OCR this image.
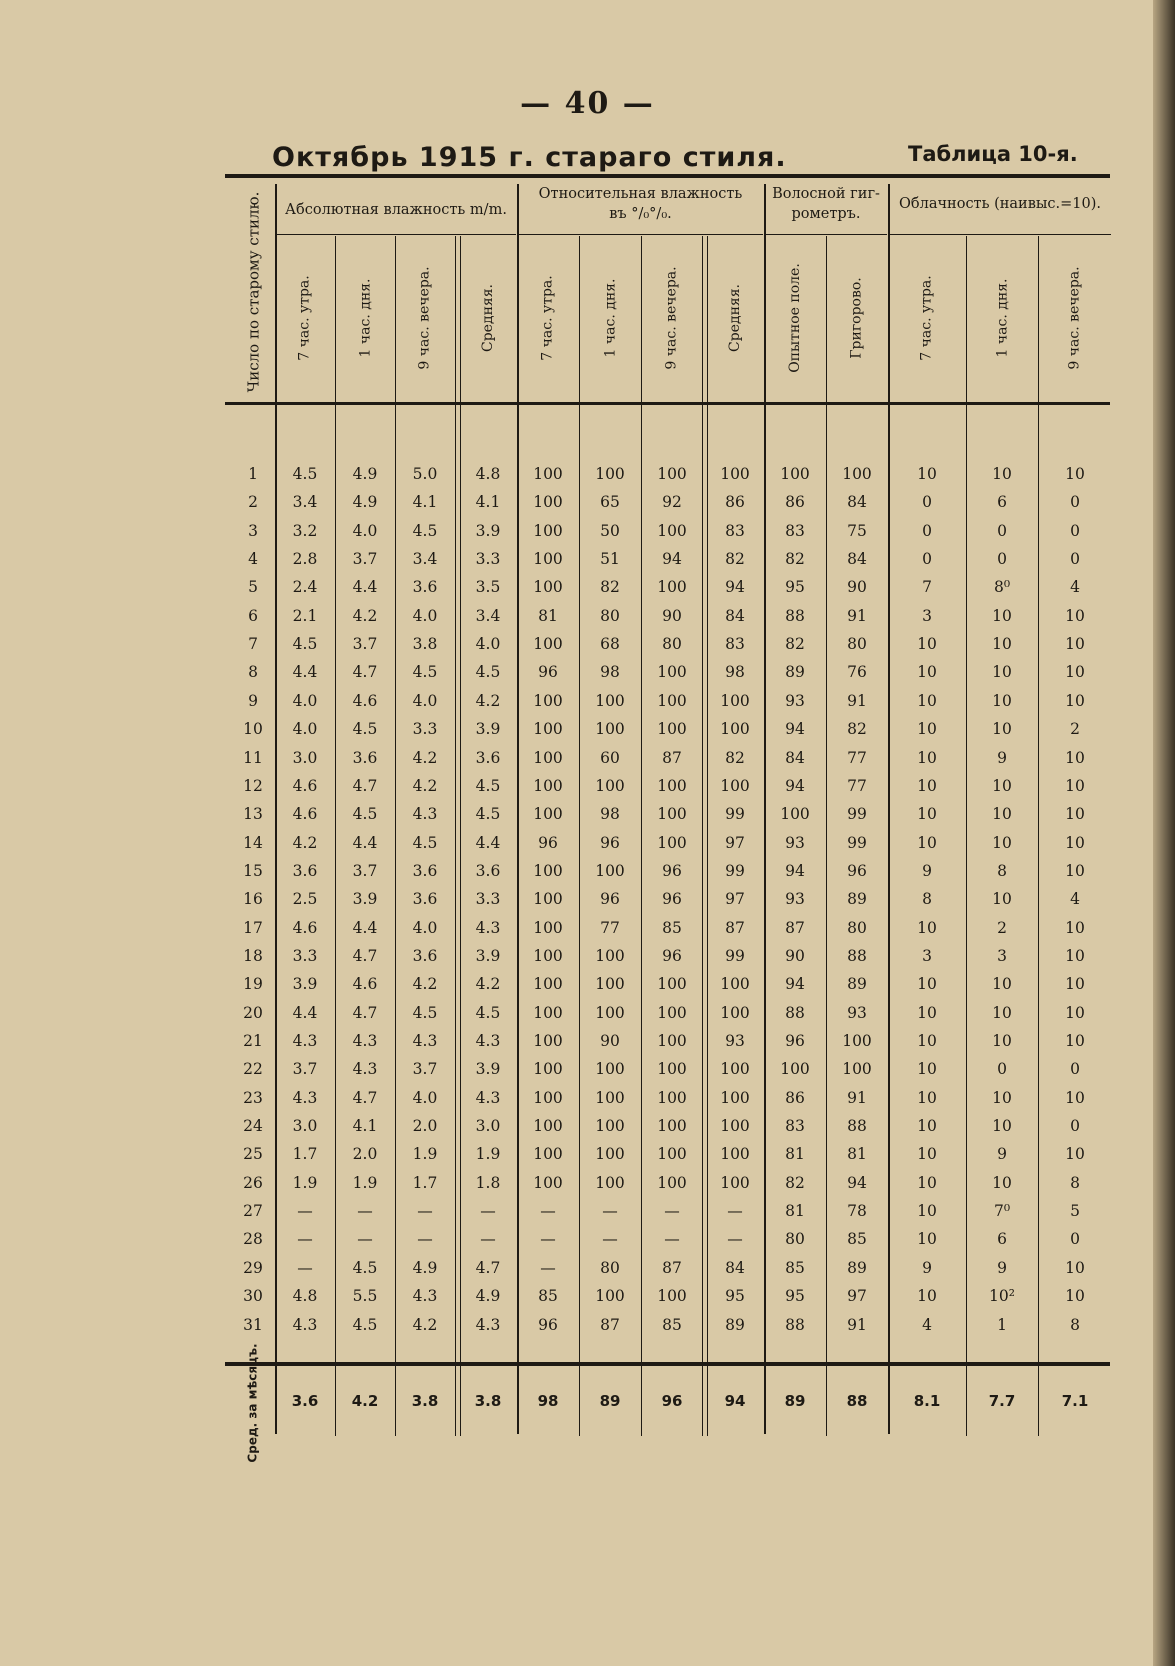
— 40 —
Октябрь 1915 г. стараго стиля.	Таблица 10-я.
Абсолютная влажность m/m.
Относительная влажность
въ °/₀°/₀.
Волосной гиг-
рометръ.
Облачность (наивыс.=10).
Число по старому стилю.	7 час. утра.	1 час. дня.	9 час. вечера.	Средняя.	7 час. утра.	1 час. дня.	9 час. вечера.	Средняя.	Опытное поле.	Григорово.	7 час. утра.	1 час. дня.	9 час. вечера.
1	4.5	4.9	5.0	4.8	100	100	100	100	100	100	10	10	10
2	3.4	4.9	4.1	4.1	100	65	92	86	86	84	0	6	0
3	3.2	4.0	4.5	3.9	100	50	100	83	83	75	0	0	0
4	2.8	3.7	3.4	3.3	100	51	94	82	82	84	0	0	0
5	2.4	4.4	3.6	3.5	100	82	100	94	95	90	7	8⁰	4
6	2.1	4.2	4.0	3.4	81	80	90	84	88	91	3	10	10
7	4.5	3.7	3.8	4.0	100	68	80	83	82	80	10	10	10
8	4.4	4.7	4.5	4.5	96	98	100	98	89	76	10	10	10
9	4.0	4.6	4.0	4.2	100	100	100	100	93	91	10	10	10
10	4.0	4.5	3.3	3.9	100	100	100	100	94	82	10	10	2
11	3.0	3.6	4.2	3.6	100	60	87	82	84	77	10	9	10
12	4.6	4.7	4.2	4.5	100	100	100	100	94	77	10	10	10
13	4.6	4.5	4.3	4.5	100	98	100	99	100	99	10	10	10
14	4.2	4.4	4.5	4.4	96	96	100	97	93	99	10	10	10
15	3.6	3.7	3.6	3.6	100	100	96	99	94	96	9	8	10
16	2.5	3.9	3.6	3.3	100	96	96	97	93	89	8	10	4
17	4.6	4.4	4.0	4.3	100	77	85	87	87	80	10	2	10
18	3.3	4.7	3.6	3.9	100	100	96	99	90	88	3	3	10
19	3.9	4.6	4.2	4.2	100	100	100	100	94	89	10	10	10
20	4.4	4.7	4.5	4.5	100	100	100	100	88	93	10	10	10
21	4.3	4.3	4.3	4.3	100	90	100	93	96	100	10	10	10
22	3.7	4.3	3.7	3.9	100	100	100	100	100	100	10	0	0
23	4.3	4.7	4.0	4.3	100	100	100	100	86	91	10	10	10
24	3.0	4.1	2.0	3.0	100	100	100	100	83	88	10	10	0
25	1.7	2.0	1.9	1.9	100	100	100	100	81	81	10	9	10
26	1.9	1.9	1.7	1.8	100	100	100	100	82	94	10	10	8
27	—	—	—	—	—	—	—	—	81	78	10	7⁰	5
28	—	—	—	—	—	—	—	—	80	85	10	6	0
29	—	4.5	4.9	4.7	—	80	87	84	85	89	9	9	10
30	4.8	5.5	4.3	4.9	85	100	100	95	95	97	10	10²	10
31	4.3	4.5	4.2	4.3	96	87	85	89	88	91	4	1	8
Сред. за мѣсяцъ.	3.6	4.2	3.8	3.8	98	89	96	94	89	88	8.1	7.7	7.1
